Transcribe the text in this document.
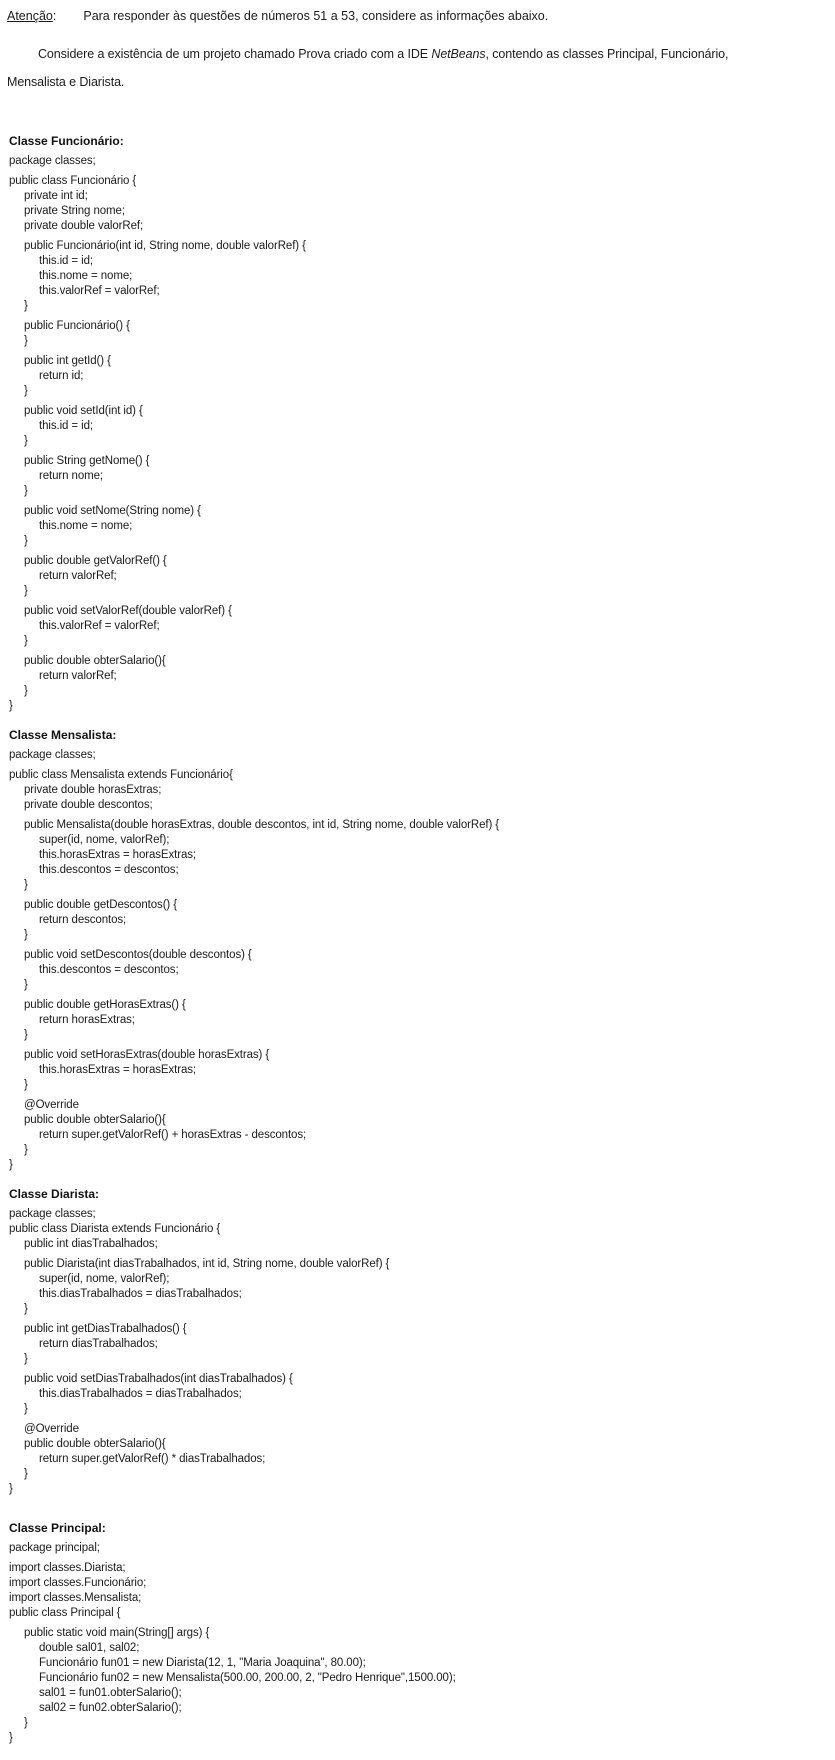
Atenção: Para responder às questões de números 51 a 53, considere as informações abaixo.

Considere a existência de um projeto chamado Prova criado com a IDE NetBeans, contendo as classes Principal, Funcionário,
Mensalista e Diarista.

Classe Funcionário:
package classes;
public class Funcionário {
private int id;
private String nome;
private double valorRef;
public Funcionário(int id, String nome, double valorRef) {
this.id = id;
this.nome = nome;
this.valorRef = valorRef;
}
public Funcionário() {
}
public int getId() {
return id;
}
public void setId(int id) {
this.id = id;
}
public String getNome() {
return nome;
}
public void setNome(String nome) {
this.nome = nome;
}
public double getValorRef() {
return valorRef;
}
public void setValorRef(double valorRef) {
this.valorRef = valorRef;
}
public double obterSalario(){
return valorRef;
}
}
Classe Mensalista:
package classes;
public class Mensalista extends Funcionário{
private double horasExtras;
private double descontos;
public Mensalista(double horasExtras, double descontos, int id, String nome, double valorRef) {
super(id, nome, valorRef);
this.horasExtras = horasExtras;
this.descontos = descontos;
}
public double getDescontos() {
return descontos;
}
public void setDescontos(double descontos) {
this.descontos = descontos;
}
public double getHorasExtras() {
return horasExtras;
}
public void setHorasExtras(double horasExtras) {
this.horasExtras = horasExtras;
}
@Override
public double obterSalario(){
return super.getValorRef() + horasExtras - descontos;
}
}
Classe Diarista:
package classes;
public class Diarista extends Funcionário {
public int diasTrabalhados;
public Diarista(int diasTrabalhados, int id, String nome, double valorRef) {
super(id, nome, valorRef);
this.diasTrabalhados = diasTrabalhados;
}
public int getDiasTrabalhados() {
return diasTrabalhados;
}
public void setDiasTrabalhados(int diasTrabalhados) {
this.diasTrabalhados = diasTrabalhados;
}
@Override
public double obterSalario(){
return super.getValorRef() * diasTrabalhados;
}
}
Classe Principal:
package principal;
import classes.Diarista;
import classes.Funcionário;
import classes.Mensalista;
public class Principal {
public static void main(String[] args) {
double sal01, sal02;
Funcionário fun01 = new Diarista(12, 1, "Maria Joaquina", 80.00);
Funcionário fun02 = new Mensalista(500.00, 200.00, 2, "Pedro Henrique",1500.00);
sal01 = fun01.obterSalario();
sal02 = fun02.obterSalario();
}
}
